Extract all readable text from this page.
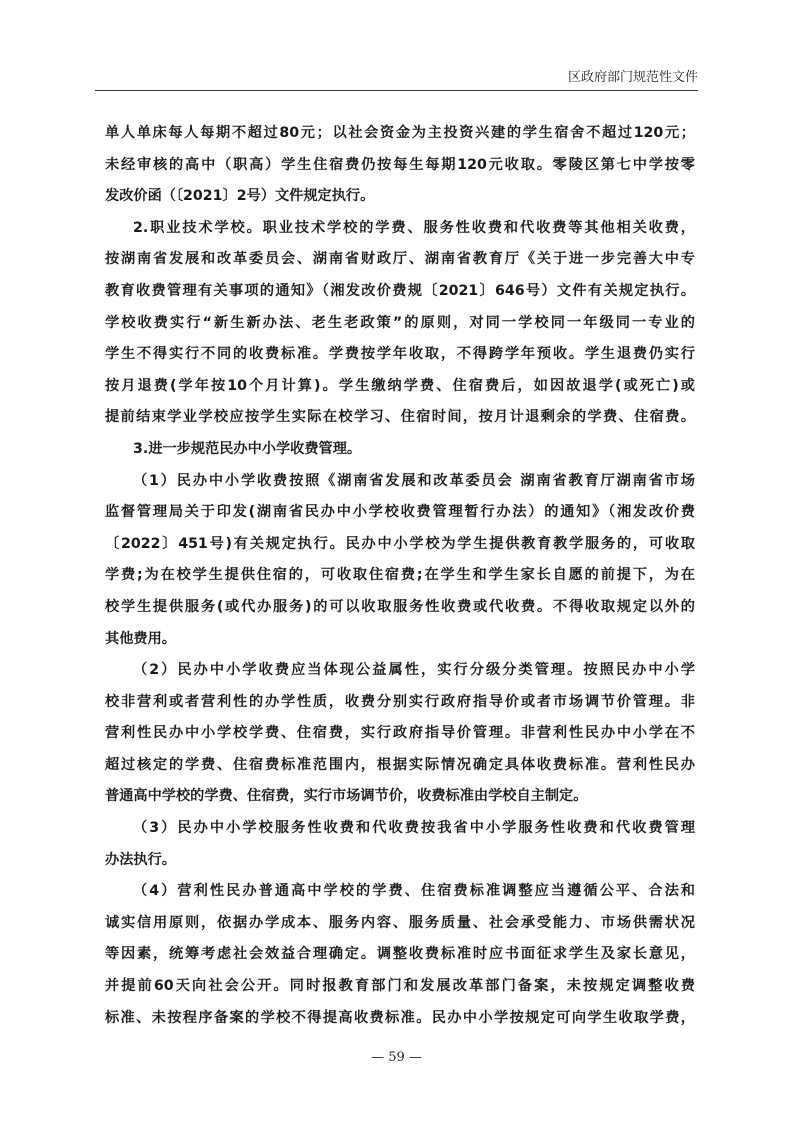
区政府部门规范性文件
单人单床每人每期不超过80元；以社会资金为主投资兴建的学生宿舍不超过120元；
未经审核的高中（职高）学生住宿费仍按每生每期120元收取。零陵区第七中学按零
发改价函（〔2021〕2号）文件规定执行。
2.职业技术学校。职业技术学校的学费、服务性收费和代收费等其他相关收费，
按湖南省发展和改革委员会、湖南省财政厅、湖南省教育厅《关于进一步完善大中专
教育收费管理有关事项的通知》（湘发改价费规〔2021〕646号）文件有关规定执行。
学校收费实行“新生新办法、老生老政策”的原则，对同一学校同一年级同一专业的
学生不得实行不同的收费标准。学费按学年收取，不得跨学年预收。学生退费仍实行
按月退费(学年按10个月计算)。学生缴纳学费、住宿费后，如因故退学(或死亡)或
提前结束学业学校应按学生实际在校学习、住宿时间，按月计退剩余的学费、住宿费。
3.进一步规范民办中小学收费管理。
（1）民办中小学收费按照《湖南省发展和改革委员会 湖南省教育厅湖南省市场
监督管理局关于印发(湖南省民办中小学校收费管理暂行办法）的通知》（湘发改价费
〔2022〕451号)有关规定执行。民办中小学校为学生提供教育教学服务的，可收取
学费;为在校学生提供住宿的，可收取住宿费;在学生和学生家长自愿的前提下，为在
校学生提供服务(或代办服务)的可以收取服务性收费或代收费。不得收取规定以外的
其他费用。
（2）民办中小学收费应当体现公益属性，实行分级分类管理。按照民办中小学
校非营利或者营利性的办学性质，收费分别实行政府指导价或者市场调节价管理。非
营利性民办中小学校学费、住宿费，实行政府指导价管理。非营利性民办中小学在不
超过核定的学费、住宿费标准范围内，根据实际情况确定具体收费标准。营利性民办
普通高中学校的学费、住宿费，实行市场调节价，收费标准由学校自主制定。
（3）民办中小学校服务性收费和代收费按我省中小学服务性收费和代收费管理
办法执行。
（4）营利性民办普通高中学校的学费、住宿费标准调整应当遵循公平、合法和
诚实信用原则，依据办学成本、服务内容、服务质量、社会承受能力、市场供需状况
等因素，统筹考虑社会效益合理确定。调整收费标准时应书面征求学生及家长意见，
并提前60天向社会公开。同时报教育部门和发展改革部门备案，未按规定调整收费
标准、未按程序备案的学校不得提高收费标准。民办中小学按规定可向学生收取学费，
— 59 —
